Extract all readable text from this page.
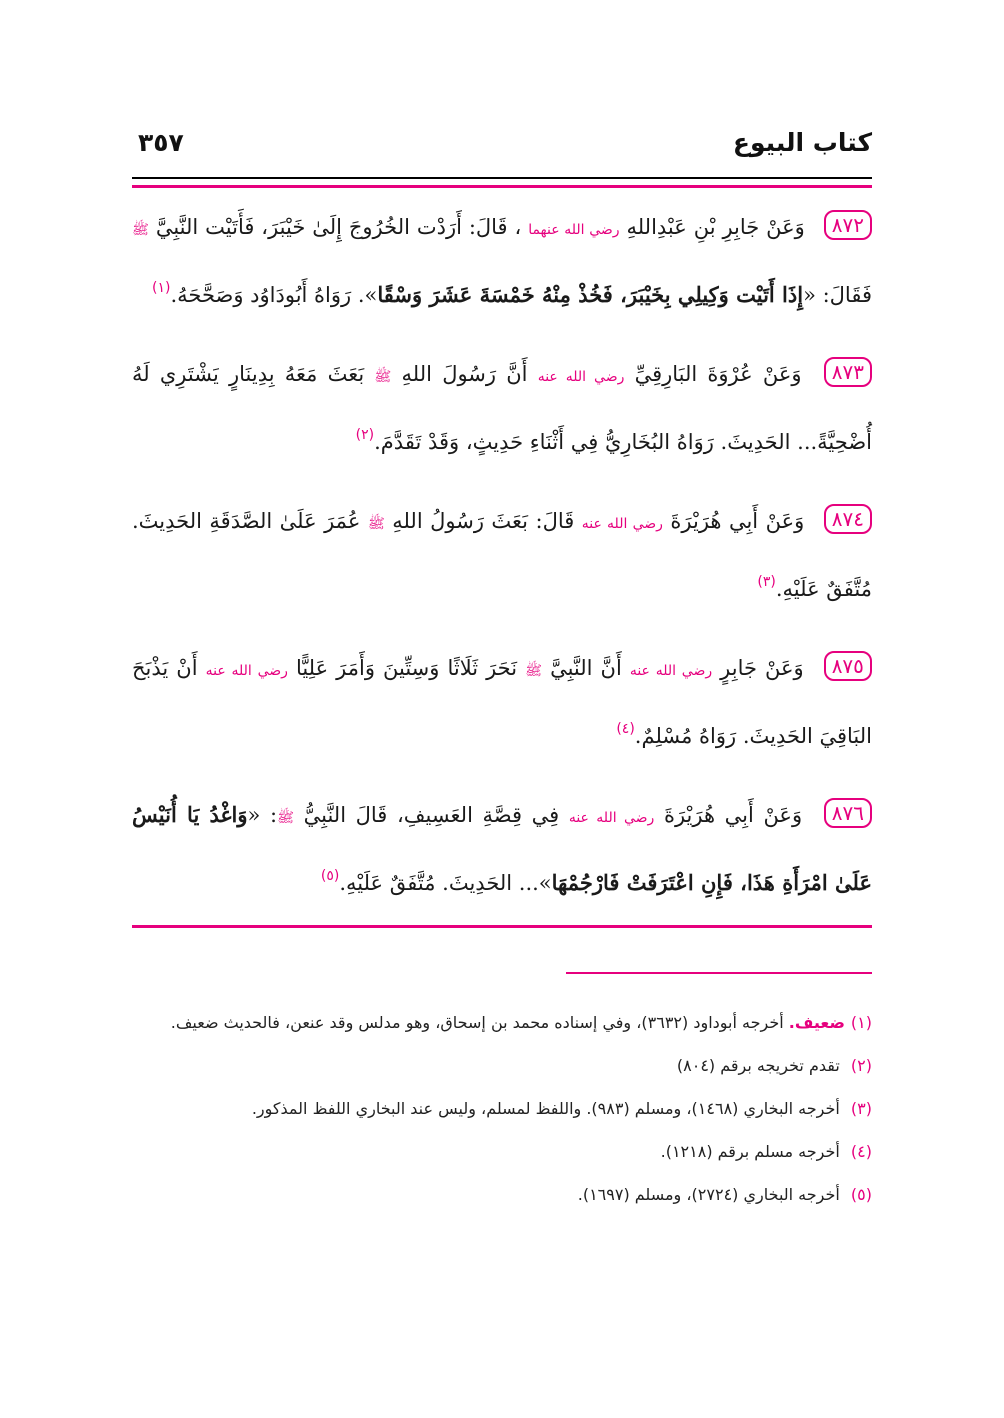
كتاب البيوع
٣٥٧

٨٧٢ وَعَنْ جَابِرِ بْنِ عَبْدِاللهِ رضي الله عنهما ، قَالَ: أَرَدْت الخُرُوجَ إِلَىٰ خَيْبَرَ، فَأَتَيْت النَّبِيَّ ﷺ فَقَالَ: «إِذَا أَتَيْت وَكِيلِي بِخَيْبَرَ، فَخُذْ مِنْهُ خَمْسَةَ عَشَرَ وَسْقًا». رَوَاهُ أَبُودَاوُد وَصَحَّحَهُ.$^{(١)}$

٨٧٣ وَعَنْ عُرْوَةَ البَارِقِيِّ رضي الله عنه أَنَّ رَسُولَ اللهِ ﷺ بَعَثَ مَعَهُ بِدِينَارٍ يَشْتَرِي لَهُ أُضْحِيَّةً... الحَدِيثَ. رَوَاهُ البُخَارِيُّ فِي أَثْنَاءِ حَدِيثٍ، وَقَدْ تَقَدَّمَ.$^{(٢)}$

٨٧٤ وَعَنْ أَبِي هُرَيْرَةَ رضي الله عنه قَالَ: بَعَثَ رَسُولُ اللهِ ﷺ عُمَرَ عَلَىٰ الصَّدَقَةِ الحَدِيثَ. مُتَّفَقٌ عَلَيْهِ.$^{(٣)}$

٨٧٥ وَعَنْ جَابِرٍ رضي الله عنه أَنَّ النَّبِيَّ ﷺ نَحَرَ ثَلَاثًا وَسِتِّينَ وَأَمَرَ عَلِيًّا رضي الله عنه أَنْ يَذْبَحَ البَاقِيَ الحَدِيثَ. رَوَاهُ مُسْلِمٌ.$^{(٤)}$

٨٧٦ وَعَنْ أَبِي هُرَيْرَةَ رضي الله عنه فِي قِصَّةِ العَسِيفِ، قَالَ النَّبِيُّ ﷺ: «وَاغْدُ يَا أُنَيْسُ عَلَىٰ امْرَأَةِ هَذَا، فَإِنِ اعْتَرَفَتْ فَارْجُمْهَا»... الحَدِيثَ. مُتَّفَقٌ عَلَيْهِ.$^{(٥)}$

(١)ضعيف. أخرجه أبوداود (٣٦٣٢)، وفي إسناده محمد بن إسحاق، وهو مدلس وقد عنعن، فالحديث ضعيف.
(٢) تقدم تخريجه برقم (٨٠٤)
(٣) أخرجه البخاري (١٤٦٨)، ومسلم (٩٨٣). واللفظ لمسلم، وليس عند البخاري اللفظ المذكور.
(٤) أخرجه مسلم برقم (١٢١٨).
(٥) أخرجه البخاري (٢٧٢٤)، ومسلم (١٦٩٧).
